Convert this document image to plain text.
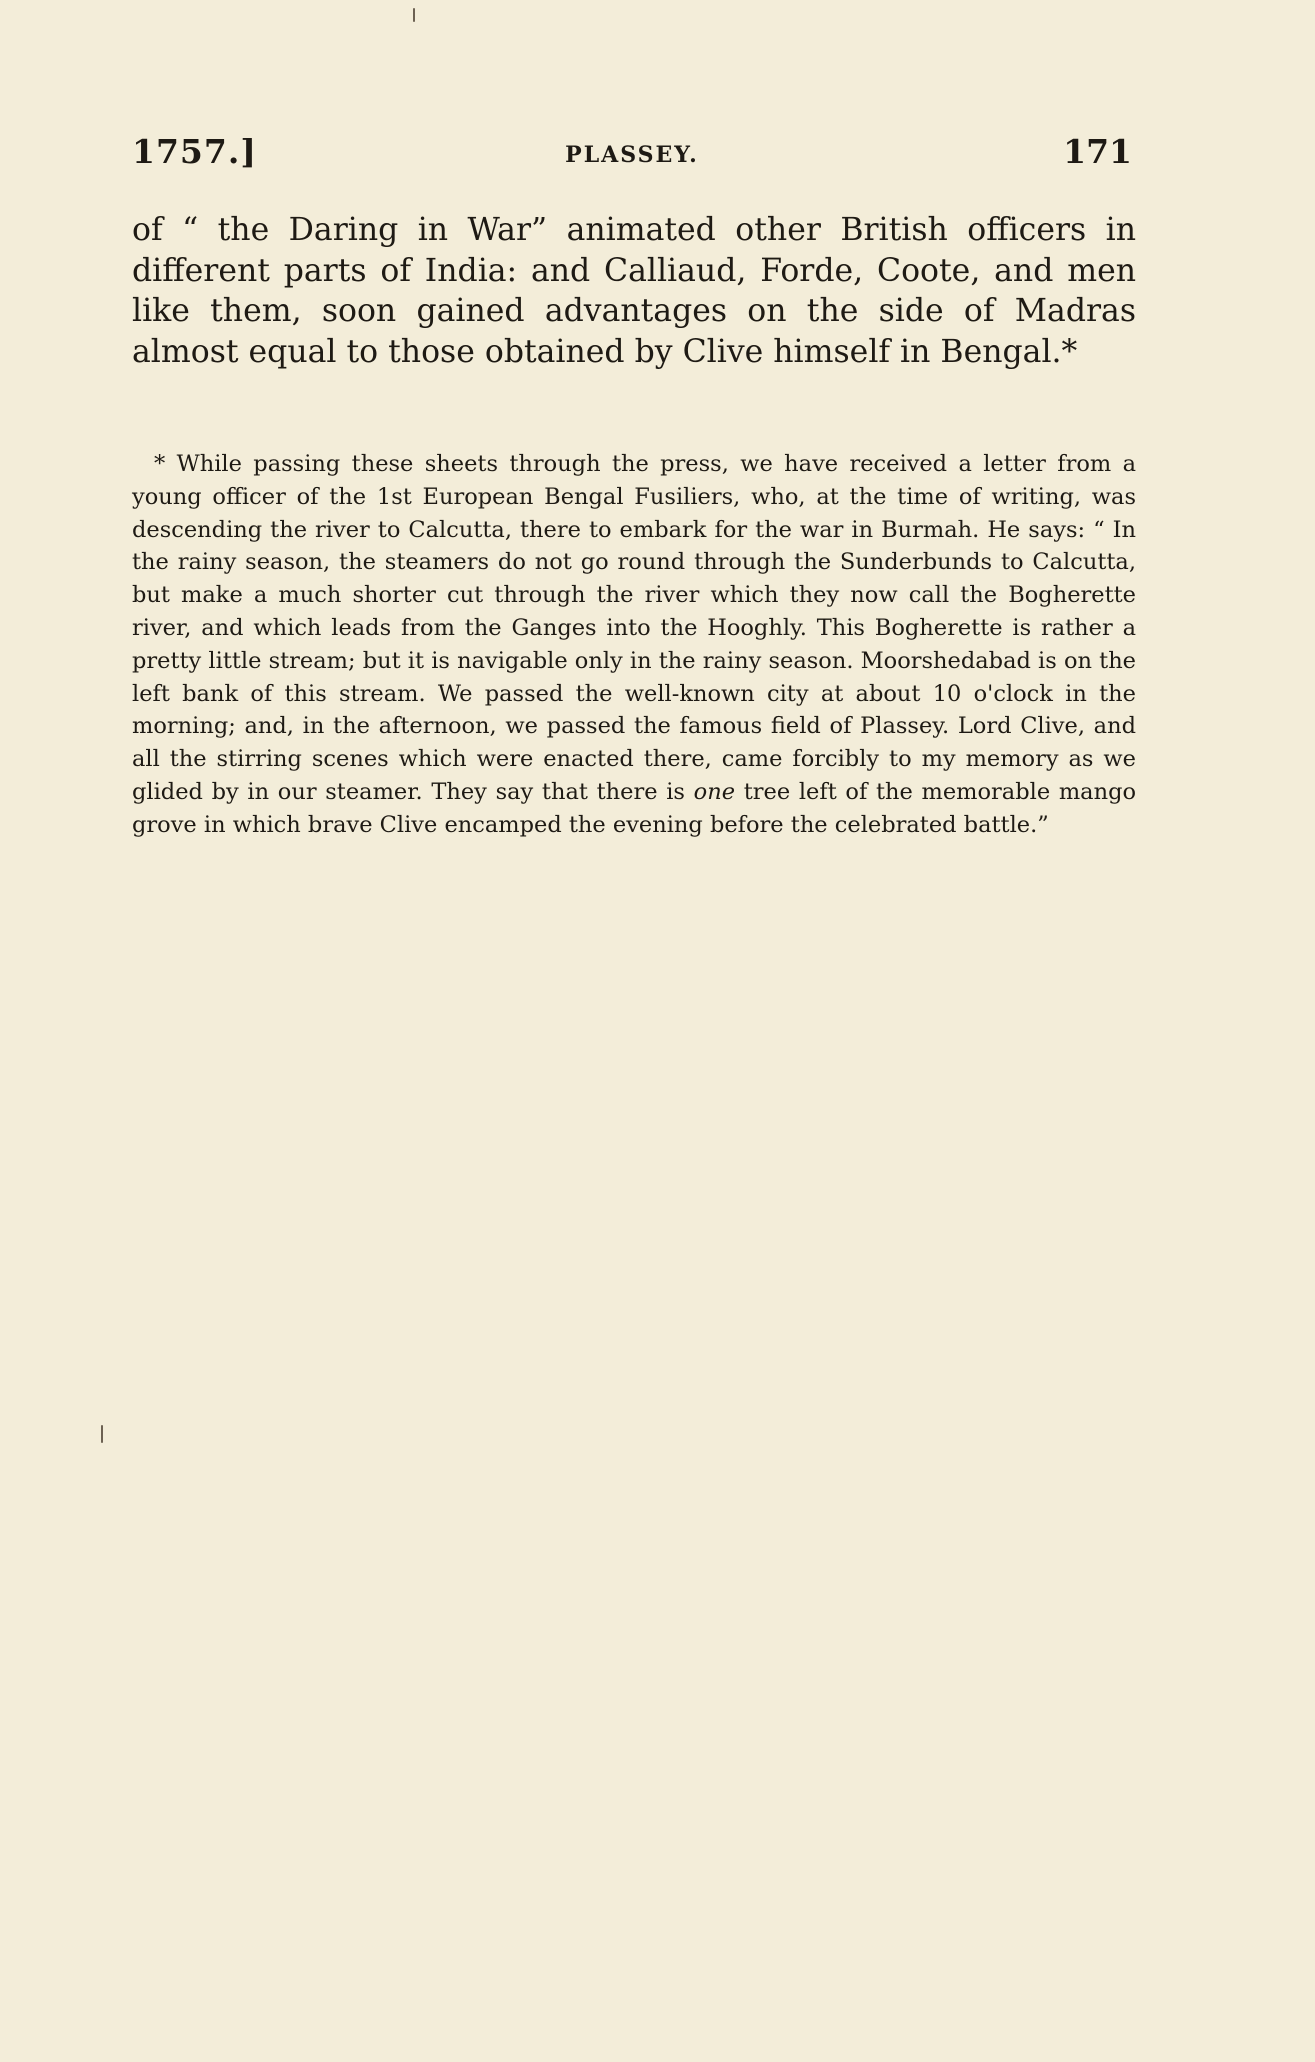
1757.]	PLASSEY.	171

of “ the Daring in War” animated other British officers in different parts of India: and Calliaud, Forde, Coote, and men like them, soon gained advantages on the side of Madras almost equal to those obtained by Clive himself in Bengal.*

* While passing these sheets through the press, we have received a letter from a young officer of the 1st European Bengal Fusiliers, who, at the time of writing, was descending the river to Calcutta, there to embark for the war in Burmah. He says: “ In the rainy season, the steamers do not go round through the Sunderbunds to Calcutta, but make a much shorter cut through the river which they now call the Bogherette river, and which leads from the Ganges into the Hooghly. This Bogherette is rather a pretty little stream; but it is navigable only in the rainy season. Moorshedabad is on the left bank of this stream. We passed the well-known city at about 10 o'clock in the morning; and, in the afternoon, we passed the famous field of Plassey. Lord Clive, and all the stirring scenes which were enacted there, came forcibly to my memory as we glided by in our steamer. They say that there is one tree left of the memorable mango grove in which brave Clive encamped the evening before the celebrated battle.”
